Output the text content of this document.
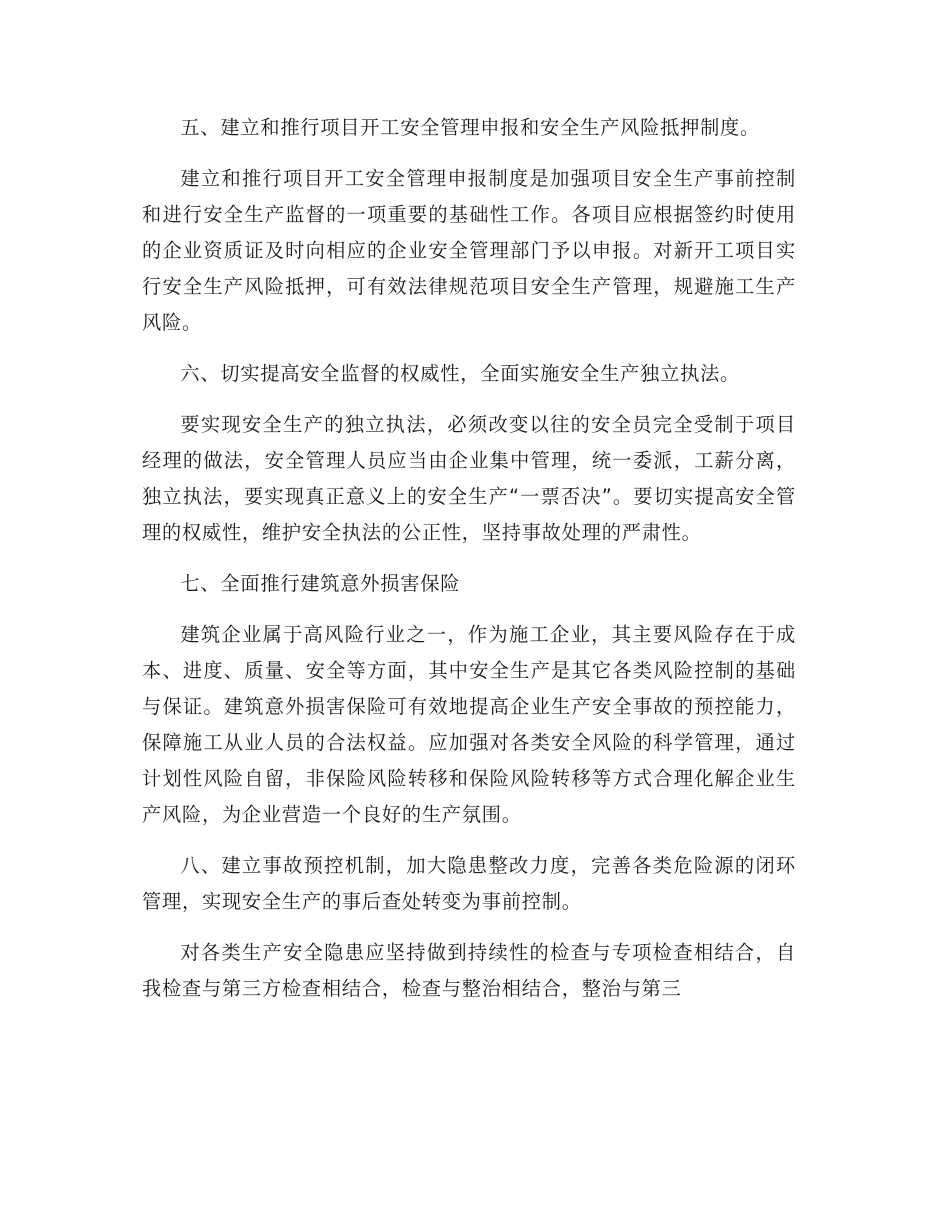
五、建立和推行项目开工安全管理申报和安全生产风险抵押制度。

建立和推行项目开工安全管理申报制度是加强项目安全生产事前控制和进行安全生产监督的一项重要的基础性工作。各项目应根据签约时使用的企业资质证及时向相应的企业安全管理部门予以申报。对新开工项目实行安全生产风险抵押，可有效法律规范项目安全生产管理，规避施工生产风险。

六、切实提高安全监督的权威性，全面实施安全生产独立执法。

要实现安全生产的独立执法，必须改变以往的安全员完全受制于项目经理的做法，安全管理人员应当由企业集中管理，统一委派，工薪分离，独立执法，要实现真正意义上的安全生产“一票否决”。要切实提高安全管理的权威性，维护安全执法的公正性，坚持事故处理的严肃性。

七、全面推行建筑意外损害保险

建筑企业属于高风险行业之一，作为施工企业，其主要风险存在于成本、进度、质量、安全等方面，其中安全生产是其它各类风险控制的基础与保证。建筑意外损害保险可有效地提高企业生产安全事故的预控能力，保障施工从业人员的合法权益。应加强对各类安全风险的科学管理，通过计划性风险自留，非保险风险转移和保险风险转移等方式合理化解企业生产风险，为企业营造一个良好的生产氛围。

八、建立事故预控机制，加大隐患整改力度，完善各类危险源的闭环管理，实现安全生产的事后查处转变为事前控制。

对各类生产安全隐患应坚持做到持续性的检查与专项检查相结合，自我检查与第三方检查相结合，检查与整治相结合，整治与第三
